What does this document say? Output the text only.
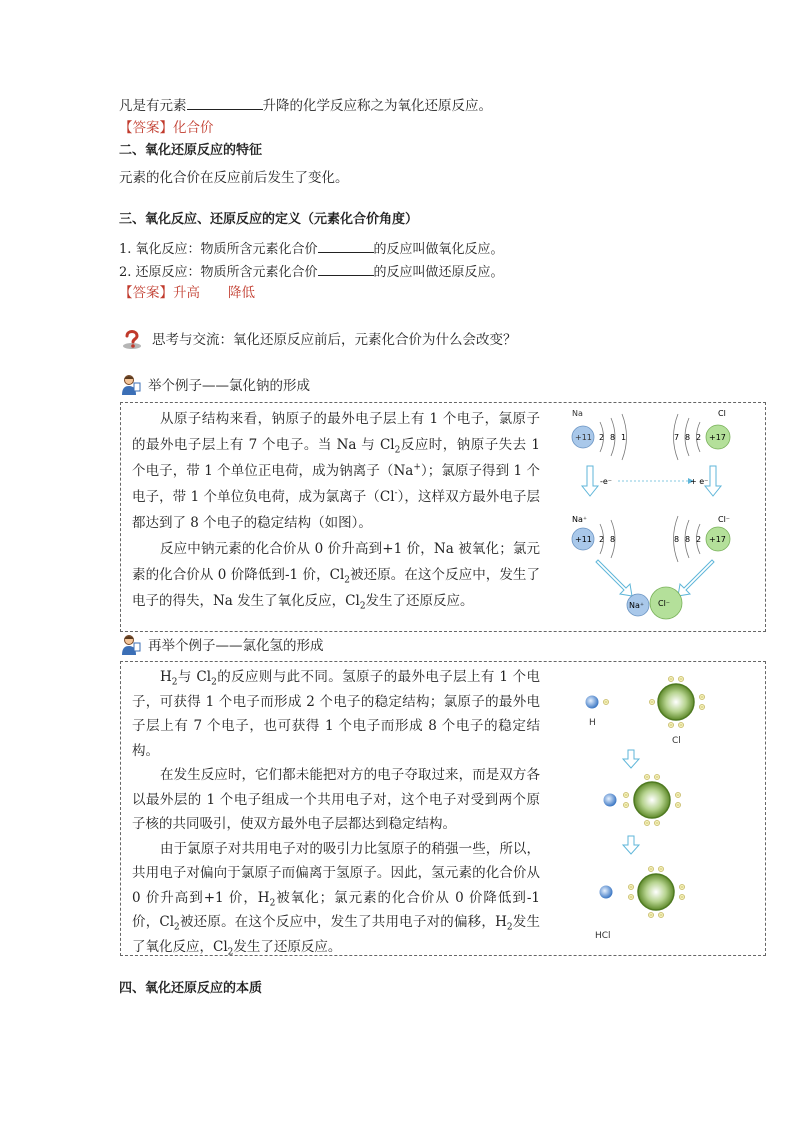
凡是有元素	升降的化学反应称之为氧化还原反应。
【答案】化合价
二、氧化还原反应的特征
元素的化合价在反应前后发生了变化。
三、氧化反应、还原反应的定义（元素化合价角度）
1. 氧化反应：物质所含元素化合价	的反应叫做氧化反应。
2. 还原反应：物质所含元素化合价	的反应叫做还原反应。
【答案】升高 降低
思考与交流：氧化还原反应前后，元素化合价为什么会改变？
举个例子——氯化钠的形成

从原子结构来看，钠原子的最外电子层上有 1 个电子，氯原子的最外电子层上有 7 个电子。当 Na 与 $Cl_2$反应时，钠原子失去 1 个电子，带 1 个单位正电荷，成为钠离子（Na+）；氯原子得到 1 个电子，带 1 个单位负电荷，成为氯离子（Cl-），这样双方最外电子层都达到了 8 个电子的稳定结构（如图）。

反应中钠元素的化合价从 0 价升高到+1 价，Na 被氧化；氯元素的化合价从 0 价降低到-1 价，$Cl_2$被还原。在这个反应中，发生了电子的得失，Na 发生了氧化反应，$Cl_2$发生了还原反应。

Na
+11 2 8 1
Cl
+17
7 8 2
-e⁻	+ e⁻
Na⁺
+11 2 8
Cl⁻
+17
8 8 2
Na⁺ Cl⁻
再举个例子——氯化氢的形成

$H_2$与 $Cl_2$的反应则与此不同。氢原子的最外电子层上有 1 个电子，可获得 1 个电子而形成 2 个电子的稳定结构；氯原子的最外电子层上有 7 个电子，也可获得 1 个电子而形成 8 个电子的稳定结构。

在发生反应时，它们都未能把对方的电子夺取过来，而是双方各以最外层的 1 个电子组成一个共用电子对，这个电子对受到两个原子核的共同吸引，使双方最外电子层都达到稳定结构。

由于氯原子对共用电子对的吸引力比氢原子的稍强一些，所以，共用电子对偏向于氯原子而偏离于氢原子。因此，氢元素的化合价从 0 价升高到+1 价，$H_2$被氧化；氯元素的化合价从 0 价降低到-1 价，$Cl_2$被还原。在这个反应中，发生了共用电子对的偏移，$H_2$发生了氧化反应，$Cl_2$发生了还原反应。

H
Cl
HCl
四、氧化还原反应的本质
